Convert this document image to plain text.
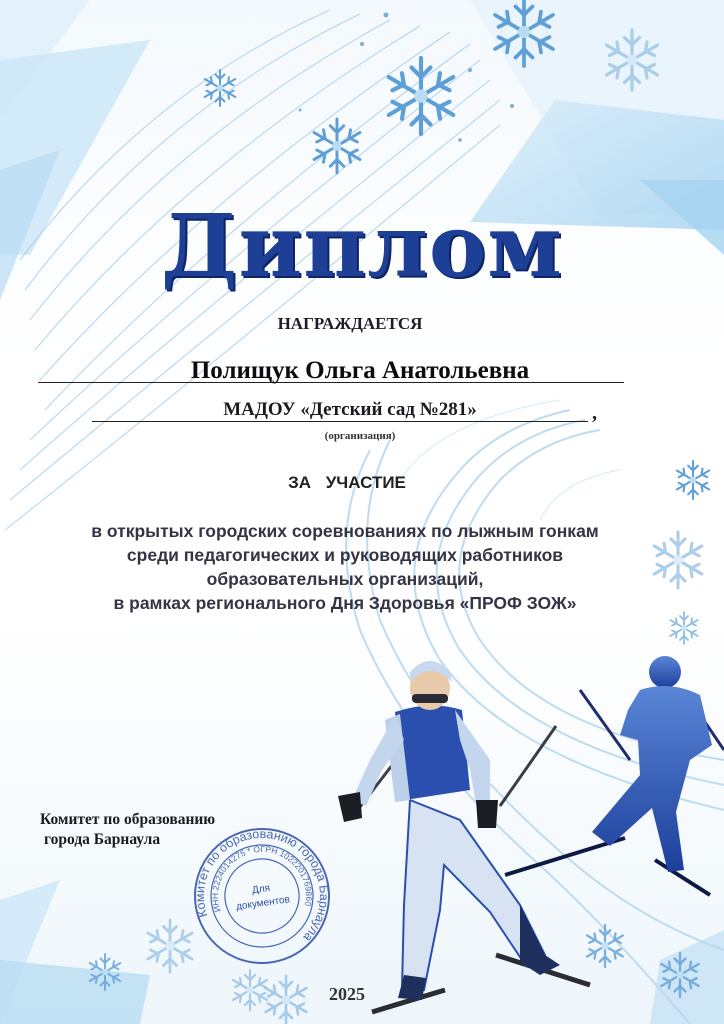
Диплом

НАГРАЖДАЕТСЯ

Полищук Ольга Анатольевна

МАДОУ «Детский сад №281»	,

(организация)

ЗА УЧАСТИЕ

в открытых городских соревнованиях по лыжным гонкам

среди педагогических и руководящих работников

образовательных организаций,

в рамках регионального Дня Здоровья «ПРОФ ЗОЖ»

Комитет по образованию

города Барнаула

Комитет по образованию города Барнаула
ИНН 2224014275 * ОГРН 1022201769860
Для
документов

2025
